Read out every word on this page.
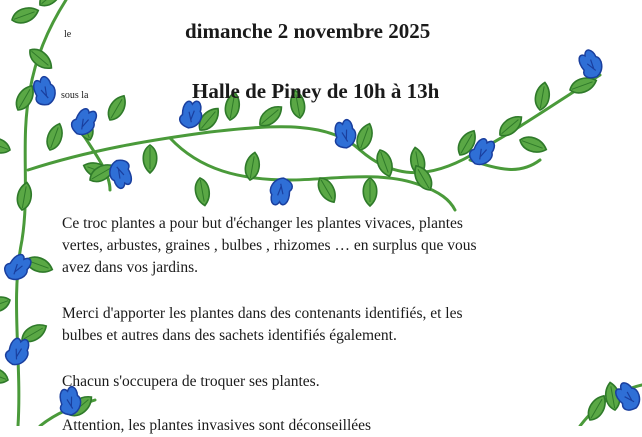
le	dimanche 2 novembre 2025
sous la	Halle de Piney de 10h à 13h
Ce troc plantes a pour but d'échanger les plantes vivaces, plantes
vertes, arbustes, graines , bulbes , rhizomes … en surplus que vous
avez dans vos jardins.
Merci d'apporter les plantes dans des contenants identifiés, et les
bulbes et autres dans des sachets identifiés également.
Chacun s'occupera de troquer ses plantes.
Attention, les plantes invasives sont déconseillées
